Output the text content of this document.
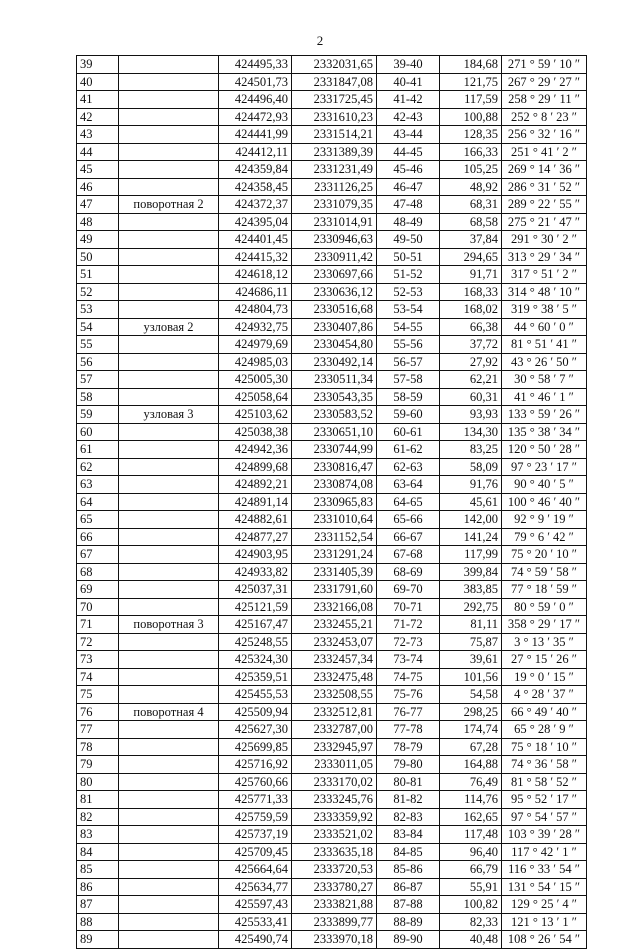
2
39		424495,33	2332031,65	39-40	184,68	271 ° 59 ′ 10 ″
40		424501,73	2331847,08	40-41	121,75	267 ° 29 ′ 27 ″
41		424496,40	2331725,45	41-42	117,59	258 ° 29 ′ 11 ″
42		424472,93	2331610,23	42-43	100,88	252 ° 8 ′ 23 ″
43		424441,99	2331514,21	43-44	128,35	256 ° 32 ′ 16 ″
44		424412,11	2331389,39	44-45	166,33	251 ° 41 ′ 2 ″
45		424359,84	2331231,49	45-46	105,25	269 ° 14 ′ 36 ″
46		424358,45	2331126,25	46-47	48,92	286 ° 31 ′ 52 ″
47	поворотная 2	424372,37	2331079,35	47-48	68,31	289 ° 22 ′ 55 ″
48		424395,04	2331014,91	48-49	68,58	275 ° 21 ′ 47 ″
49		424401,45	2330946,63	49-50	37,84	291 ° 30 ′ 2 ″
50		424415,32	2330911,42	50-51	294,65	313 ° 29 ′ 34 ″
51		424618,12	2330697,66	51-52	91,71	317 ° 51 ′ 2 ″
52		424686,11	2330636,12	52-53	168,33	314 ° 48 ′ 10 ″
53		424804,73	2330516,68	53-54	168,02	319 ° 38 ′ 5 ″
54	узловая 2	424932,75	2330407,86	54-55	66,38	44 ° 60 ′ 0 ″
55		424979,69	2330454,80	55-56	37,72	81 ° 51 ′ 41 ″
56		424985,03	2330492,14	56-57	27,92	43 ° 26 ′ 50 ″
57		425005,30	2330511,34	57-58	62,21	30 ° 58 ′ 7 ″
58		425058,64	2330543,35	58-59	60,31	41 ° 46 ′ 1 ″
59	узловая 3	425103,62	2330583,52	59-60	93,93	133 ° 59 ′ 26 ″
60		425038,38	2330651,10	60-61	134,30	135 ° 38 ′ 34 ″
61		424942,36	2330744,99	61-62	83,25	120 ° 50 ′ 28 ″
62		424899,68	2330816,47	62-63	58,09	97 ° 23 ′ 17 ″
63		424892,21	2330874,08	63-64	91,76	90 ° 40 ′ 5 ″
64		424891,14	2330965,83	64-65	45,61	100 ° 46 ′ 40 ″
65		424882,61	2331010,64	65-66	142,00	92 ° 9 ′ 19 ″
66		424877,27	2331152,54	66-67	141,24	79 ° 6 ′ 42 ″
67		424903,95	2331291,24	67-68	117,99	75 ° 20 ′ 10 ″
68		424933,82	2331405,39	68-69	399,84	74 ° 59 ′ 58 ″
69		425037,31	2331791,60	69-70	383,85	77 ° 18 ′ 59 ″
70		425121,59	2332166,08	70-71	292,75	80 ° 59 ′ 0 ″
71	поворотная 3	425167,47	2332455,21	71-72	81,11	358 ° 29 ′ 17 ″
72		425248,55	2332453,07	72-73	75,87	3 ° 13 ′ 35 ″
73		425324,30	2332457,34	73-74	39,61	27 ° 15 ′ 26 ″
74		425359,51	2332475,48	74-75	101,56	19 ° 0 ′ 15 ″
75		425455,53	2332508,55	75-76	54,58	4 ° 28 ′ 37 ″
76	поворотная 4	425509,94	2332512,81	76-77	298,25	66 ° 49 ′ 40 ″
77		425627,30	2332787,00	77-78	174,74	65 ° 28 ′ 9 ″
78		425699,85	2332945,97	78-79	67,28	75 ° 18 ′ 10 ″
79		425716,92	2333011,05	79-80	164,88	74 ° 36 ′ 58 ″
80		425760,66	2333170,02	80-81	76,49	81 ° 58 ′ 52 ″
81		425771,33	2333245,76	81-82	114,76	95 ° 52 ′ 17 ″
82		425759,59	2333359,92	82-83	162,65	97 ° 54 ′ 57 ″
83		425737,19	2333521,02	83-84	117,48	103 ° 39 ′ 28 ″
84		425709,45	2333635,18	84-85	96,40	117 ° 42 ′ 1 ″
85		425664,64	2333720,53	85-86	66,79	116 ° 33 ′ 54 ″
86		425634,77	2333780,27	86-87	55,91	131 ° 54 ′ 15 ″
87		425597,43	2333821,88	87-88	100,82	129 ° 25 ′ 4 ″
88		425533,41	2333899,77	88-89	82,33	121 ° 13 ′ 1 ″
89		425490,74	2333970,18	89-90	40,48	108 ° 26 ′ 54 ″
